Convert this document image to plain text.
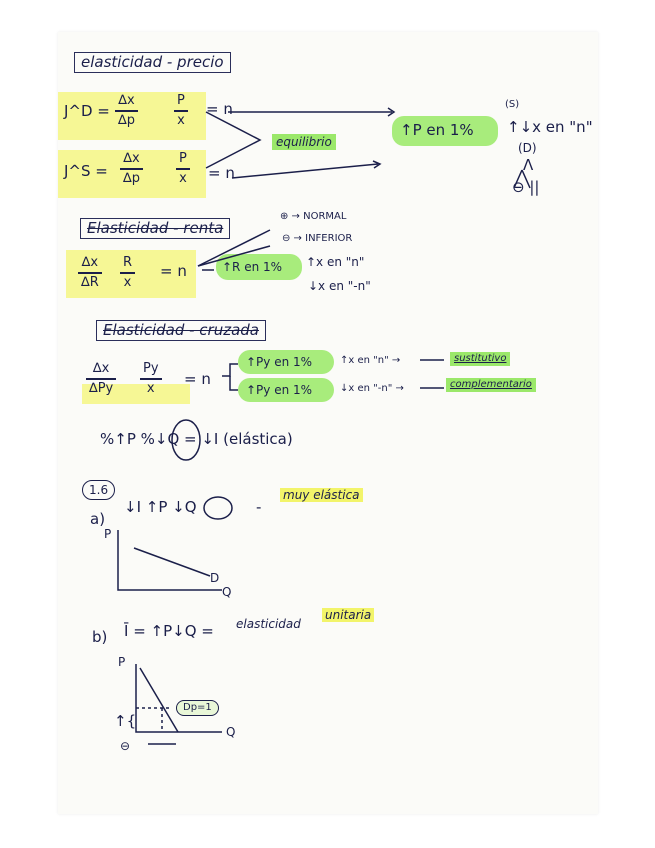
elasticidad - precio
J^D =
∆x
∆p
P
x
= n
J^S =
∆x
∆p
P
x = n
equilibrio
↑P en 1%
(S)
↑↓x en "n"
(D)
Λ
⊖ ||
Elasticidad - renta
∆x
∆R
R
x
= n	↑R en 1%
⊕ → NORMAL
⊖ → INFERIOR
↑x en "n"
↓x en "-n"
Elasticidad - cruzada
∆x
∆Py
Py
x
= n
↑Py en 1%
↑Py en 1%
↑x en "n" →
↓x en "-n" →
sustitutivo
complementario
%↑P %↓Q = ↓I (elástica)
1.6
a)
↓I ↑P ↓Q	-
muy elástica
P
Q
D
b) Ī = ↑P↓Q = elasticidad
unitaria
P
Q
Dp=1
↑{
⊖
